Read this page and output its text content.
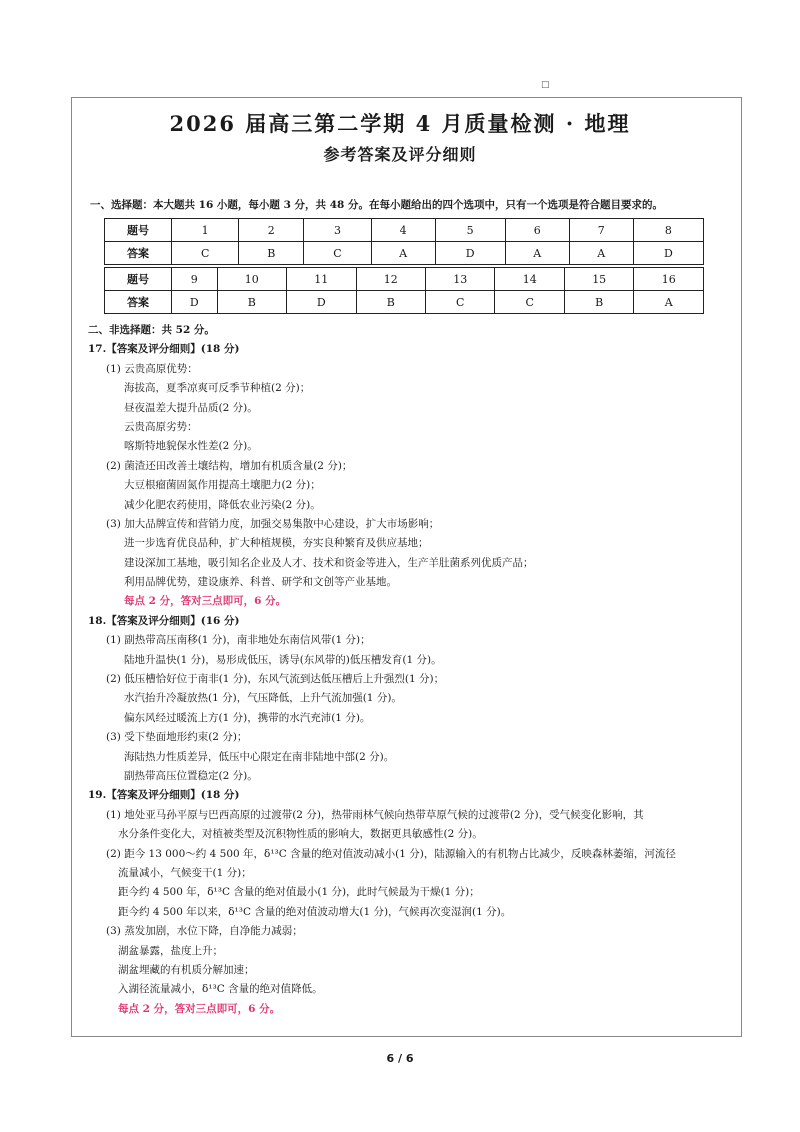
□
2026 届高三第二学期 4 月质量检测 · 地理
参考答案及评分细则
一、选择题：本大题共 16 小题，每小题 3 分，共 48 分。在每小题给出的四个选项中，只有一个选项是符合题目要求的。
题号	1	2	3	4	5	6	7	8
答案	C	B	C	A	D	A	A	D
题号	9	10	11	12	13	14	15	16
答案	D	B	D	B	C	C	B	A
二、非选择题：共 52 分。
17.【答案及评分细则】(18 分)
(1) 云贵高原优势：
海拔高，夏季凉爽可反季节种植(2 分)；
昼夜温差大提升品质(2 分)。
云贵高原劣势：
喀斯特地貌保水性差(2 分)。
(2) 菌渣还田改善土壤结构，增加有机质含量(2 分)；
大豆根瘤菌固氮作用提高土壤肥力(2 分)；
减少化肥农药使用，降低农业污染(2 分)。
(3) 加大品牌宣传和营销力度，加强交易集散中心建设，扩大市场影响；
进一步选育优良品种，扩大种植规模，夯实良种繁育及供应基地；
建设深加工基地，吸引知名企业及人才、技术和资金等进入，生产羊肚菌系列优质产品；
利用品牌优势，建设康养、科普、研学和文创等产业基地。
每点 2 分，答对三点即可，6 分。
18.【答案及评分细则】(16 分)
(1) 副热带高压南移(1 分)，南非地处东南信风带(1 分)；
陆地升温快(1 分)，易形成低压，诱导(东风带的)低压槽发育(1 分)。
(2) 低压槽恰好位于南非(1 分)，东风气流到达低压槽后上升强烈(1 分)；
水汽抬升冷凝放热(1 分)，气压降低，上升气流加强(1 分)。
偏东风经过暖流上方(1 分)，携带的水汽充沛(1 分)。
(3) 受下垫面地形约束(2 分)；
海陆热力性质差异，低压中心限定在南非陆地中部(2 分)。
副热带高压位置稳定(2 分)。
19.【答案及评分细则】(18 分)
(1) 地处亚马孙平原与巴西高原的过渡带(2 分)，热带雨林气候向热带草原气候的过渡带(2 分)，受气候变化影响，其
水分条件变化大，对植被类型及沉积物性质的影响大，数据更具敏感性(2 分)。
(2) 距今 13 000～约 4 500 年，δ¹³C 含量的绝对值波动减小(1 分)，陆源输入的有机物占比减少，反映森林萎缩，河流径
流量减小，气候变干(1 分)；
距今约 4 500 年，δ¹³C 含量的绝对值最小(1 分)，此时气候最为干燥(1 分)；
距今约 4 500 年以来，δ¹³C 含量的绝对值波动增大(1 分)，气候再次变湿润(1 分)。
(3) 蒸发加剧，水位下降，自净能力减弱；
湖盆暴露，盐度上升；
湖盆埋藏的有机质分解加速；
入湖径流量减小，δ¹³C 含量的绝对值降低。
每点 2 分，答对三点即可，6 分。
6 / 6
